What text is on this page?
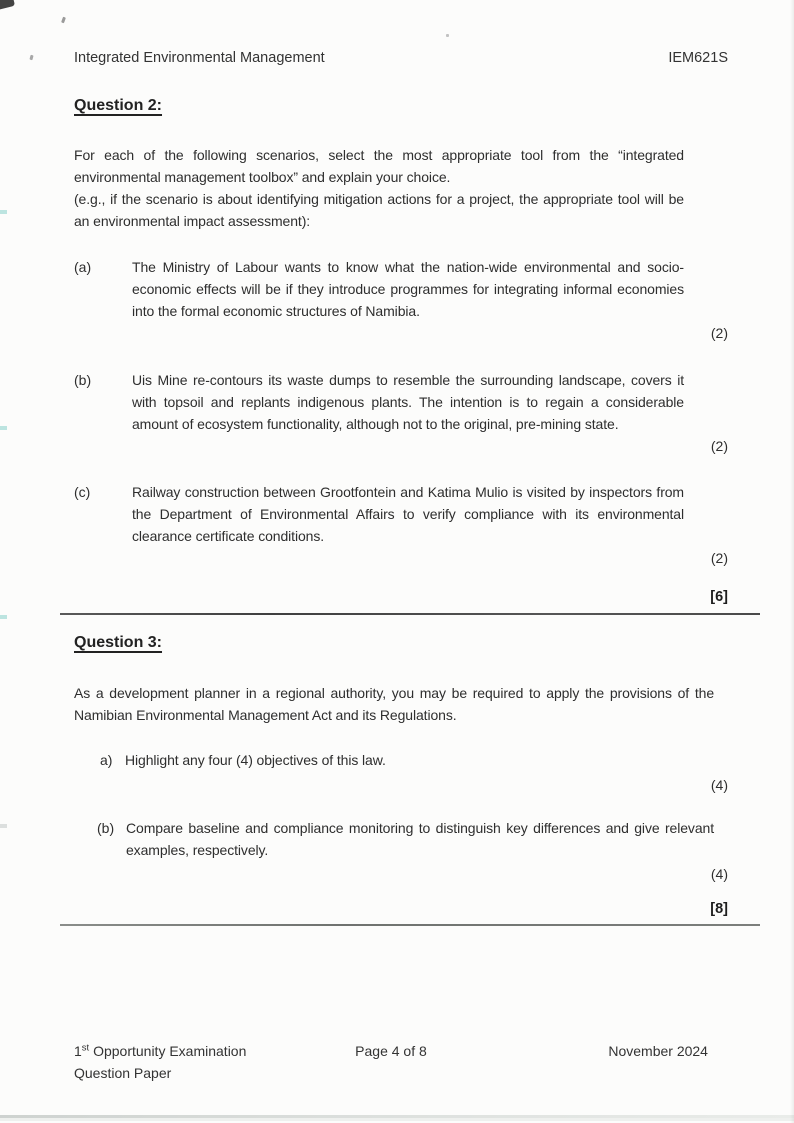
Integrated Environmental Management	IEM621S
Question 2:
For each of the following scenarios, select the most appropriate tool from the “integrated environmental management toolbox” and explain your choice.
(e.g., if the scenario is about identifying mitigation actions for a project, the appropriate tool will be an environmental impact assessment):
(a)	The Ministry of Labour wants to know what the nation-wide environmental and socio-economic effects will be if they introduce programmes for integrating informal economies into the formal economic structures of Namibia.
(2)
(b)	Uis Mine re-contours its waste dumps to resemble the surrounding landscape, covers it with topsoil and replants indigenous plants. The intention is to regain a considerable amount of ecosystem functionality, although not to the original, pre-mining state.
(2)
(c)	Railway construction between Grootfontein and Katima Mulio is visited by inspectors from the Department of Environmental Affairs to verify compliance with its environmental clearance certificate conditions.
(2)
[6]
Question 3:
As a development planner in a regional authority, you may be required to apply the provisions of the Namibian Environmental Management Act and its Regulations.
a) Highlight any four (4) objectives of this law.
(4)
(b) Compare baseline and compliance monitoring to distinguish key differences and give relevant examples, respectively.
(4)
[8]
1st Opportunity Examination
Question Paper
Page 4 of 8	November 2024
